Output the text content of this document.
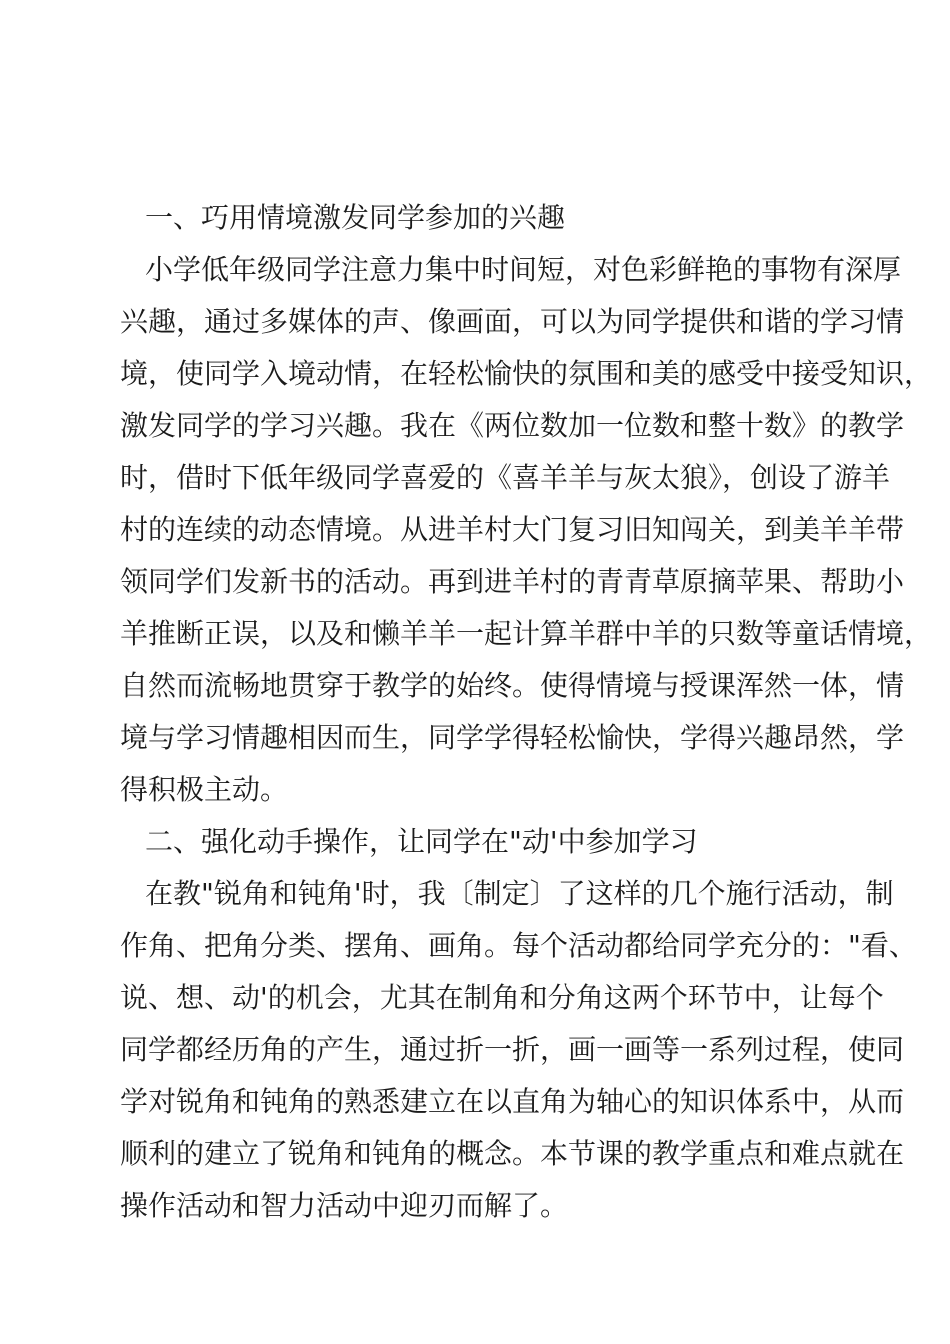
一、巧用情境激发同学参加的兴趣

小学低年级同学注意力集中时间短，对色彩鲜艳的事物有深厚

兴趣，通过多媒体的声、像画面，可以为同学提供和谐的学习情

境，使同学入境动情，在轻松愉快的氛围和美的感受中接受知识，

激发同学的学习兴趣。我在《两位数加一位数和整十数》的教学

时，借时下低年级同学喜爱的《喜羊羊与灰太狼》，创设了游羊

村的连续的动态情境。从进羊村大门复习旧知闯关，到美羊羊带

领同学们发新书的活动。再到进羊村的青青草原摘苹果、帮助小

羊推断正误，以及和懒羊羊一起计算羊群中羊的只数等童话情境，

自然而流畅地贯穿于教学的始终。使得情境与授课浑然一体，情

境与学习情趣相因而生，同学学得轻松愉快，学得兴趣昂然，学

得积极主动。

二、强化动手操作，让同学在"动'中参加学习

在教"锐角和钝角'时，我〔制定〕了这样的几个施行活动，制

作角、把角分类、摆角、画角。每个活动都给同学充分的："看、

说、想、动'的机会，尤其在制角和分角这两个环节中，让每个

同学都经历角的产生，通过折一折，画一画等一系列过程，使同

学对锐角和钝角的熟悉建立在以直角为轴心的知识体系中，从而

顺利的建立了锐角和钝角的概念。本节课的教学重点和难点就在

操作活动和智力活动中迎刃而解了。
